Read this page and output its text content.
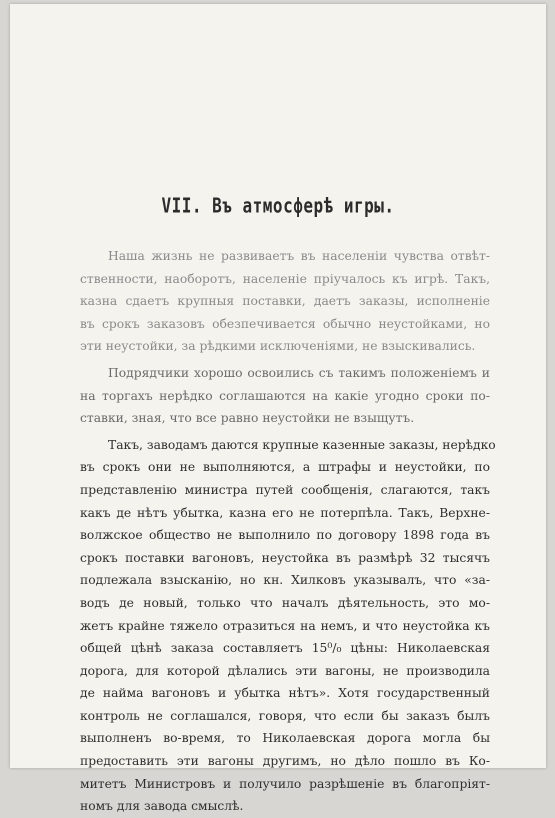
VII. Въ атмосферѣ игры.

Наша жизнь не развиваетъ въ населенiи чувства отвѣт-
ственности, наоборотъ, населенiе прiучалось къ игрѣ. Такъ,
казна сдаетъ крупныя поставки, даетъ заказы, исполненiе
въ срокъ заказовъ обезпечивается обычно неустойками, но
эти неустойки, за рѣдкими исключенiями, не взыскивались.

Подрядчики хорошо освоились съ такимъ положенiемъ и
на торгахъ нерѣдко соглашаются на какiе угодно сроки по-
ставки, зная, что все равно неустойки не взыщутъ.

Такъ, заводамъ даются крупные казенные заказы, нерѣдко
въ срокъ они не выполняются, а штрафы и неустойки, по
представленiю министра путей сообщенiя, слагаются, такъ
какъ де нѣтъ убытка, казна его не потерпѣла. Такъ, Верхне-
волжское общество не выполнило по договору 1898 года въ
срокъ поставки вагоновъ, неустойка въ размѣрѣ 32 тысячъ
подлежала взысканiю, но кн. Хилковъ указывалъ, что «за-
водъ де новый, только что началъ дѣятельность, это мо-
жетъ крайне тяжело отразиться на немъ, и что неустойка къ
общей цѣнѣ заказа составляетъ 15⁰/₀ цѣны: Николаевская
дорога, для которой дѣлались эти вагоны, не производила
де найма вагоновъ и убытка нѣтъ». Хотя государственный
контроль не соглашался, говоря, что если бы заказъ былъ
выполненъ во-время, то Николаевская дорога могла бы
предоставить эти вагоны другимъ, но дѣло пошло въ Ко-
митетъ Министровъ и получило разрѣшенiе въ благопрiят-
номъ для завода смыслѣ.
